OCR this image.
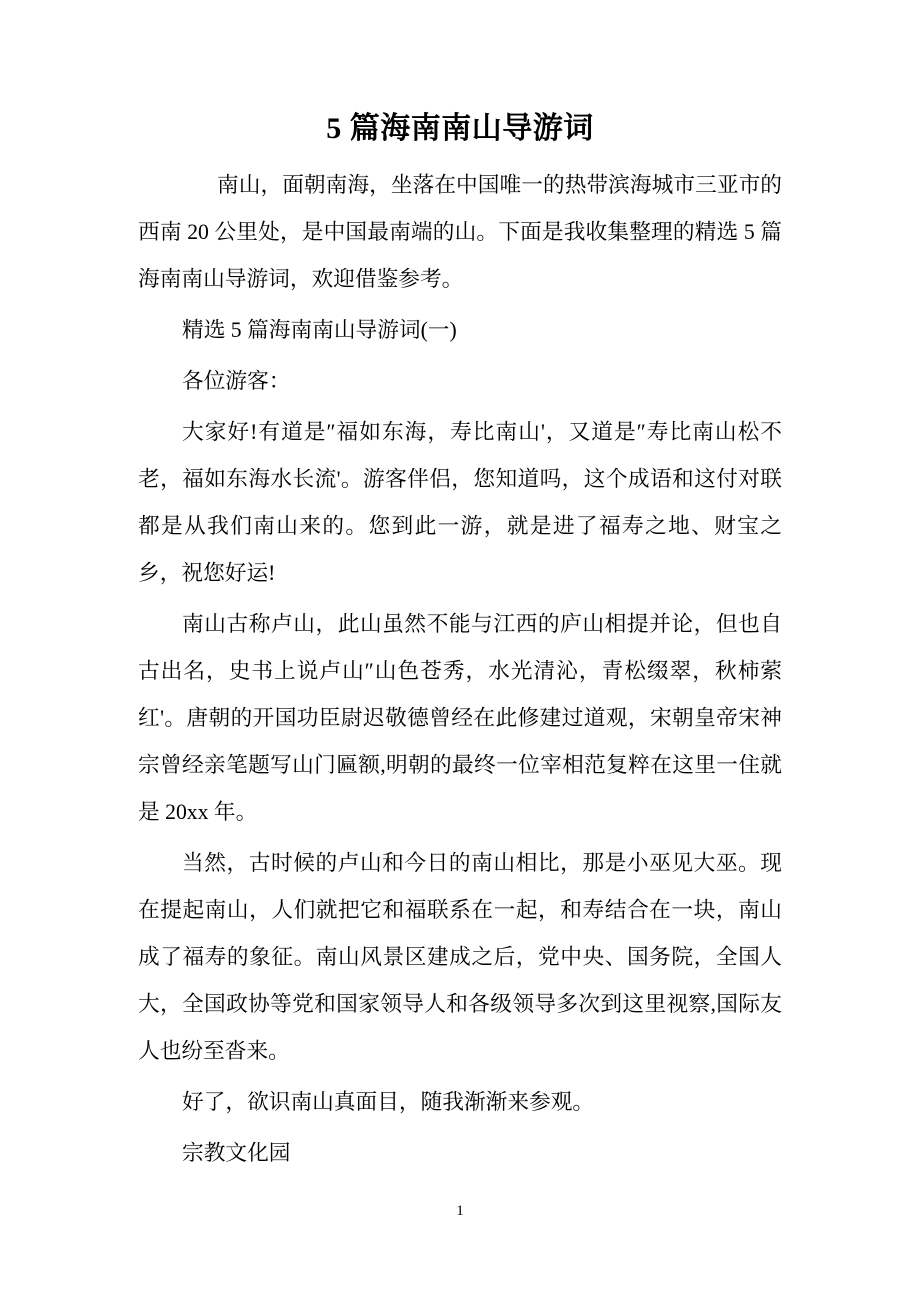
5 篇海南南山导游词

南山，面朝南海，坐落在中国唯一的热带滨海城市三亚市的西南 20 公里处，是中国最南端的山。下面是我收集整理的精选 5 篇海南南山导游词，欢迎借鉴参考。

精选 5 篇海南南山导游词(一)

各位游客：

大家好!有道是″福如东海，寿比南山'，又道是″寿比南山松不老，福如东海水长流'。游客伴侣，您知道吗，这个成语和这付对联都是从我们南山来的。您到此一游，就是进了福寿之地、财宝之乡，祝您好运!

南山古称卢山，此山虽然不能与江西的庐山相提并论，但也自古出名，史书上说卢山″山色苍秀，水光清沁，青松缀翠，秋柿萦红'。唐朝的开国功臣尉迟敬德曾经在此修建过道观，宋朝皇帝宋神宗曾经亲笔题写山门匾额,明朝的最终一位宰相范复粹在这里一住就是 20xx 年。

当然，古时候的卢山和今日的南山相比，那是小巫见大巫。现在提起南山，人们就把它和福联系在一起，和寿结合在一块，南山成了福寿的象征。南山风景区建成之后，党中央、国务院，全国人大，全国政协等党和国家领导人和各级领导多次到这里视察,国际友人也纷至沓来。

好了，欲识南山真面目，随我渐渐来参观。

宗教文化园

1
